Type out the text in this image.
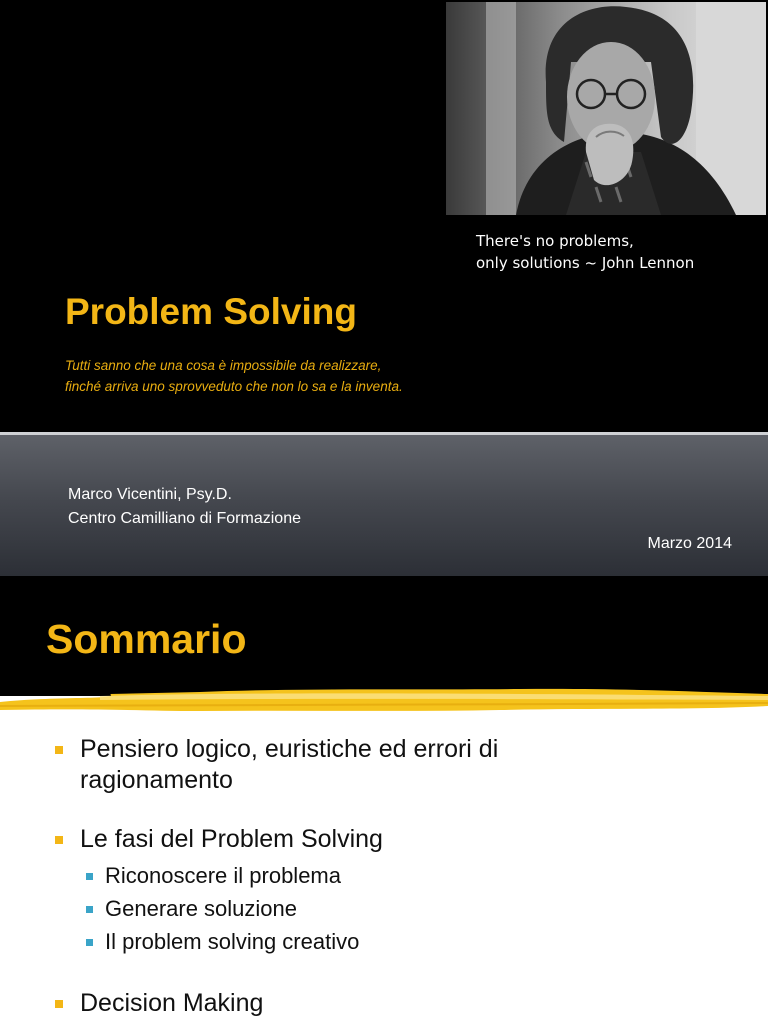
There's no problems,
only solutions ~ John Lennon
Problem Solving
Tutti sanno che una cosa è impossibile da realizzare,
finché arriva uno sprovveduto che non lo sa e la inventa.
Marco Vicentini, Psy.D.
Centro Camilliano di Formazione
Marzo 2014
Sommario
Pensiero logico, euristiche ed errori di
ragionamento
Le fasi del Problem Solving
Riconoscere il problema
Generare soluzione
Il problem solving creativo
Decision Making
